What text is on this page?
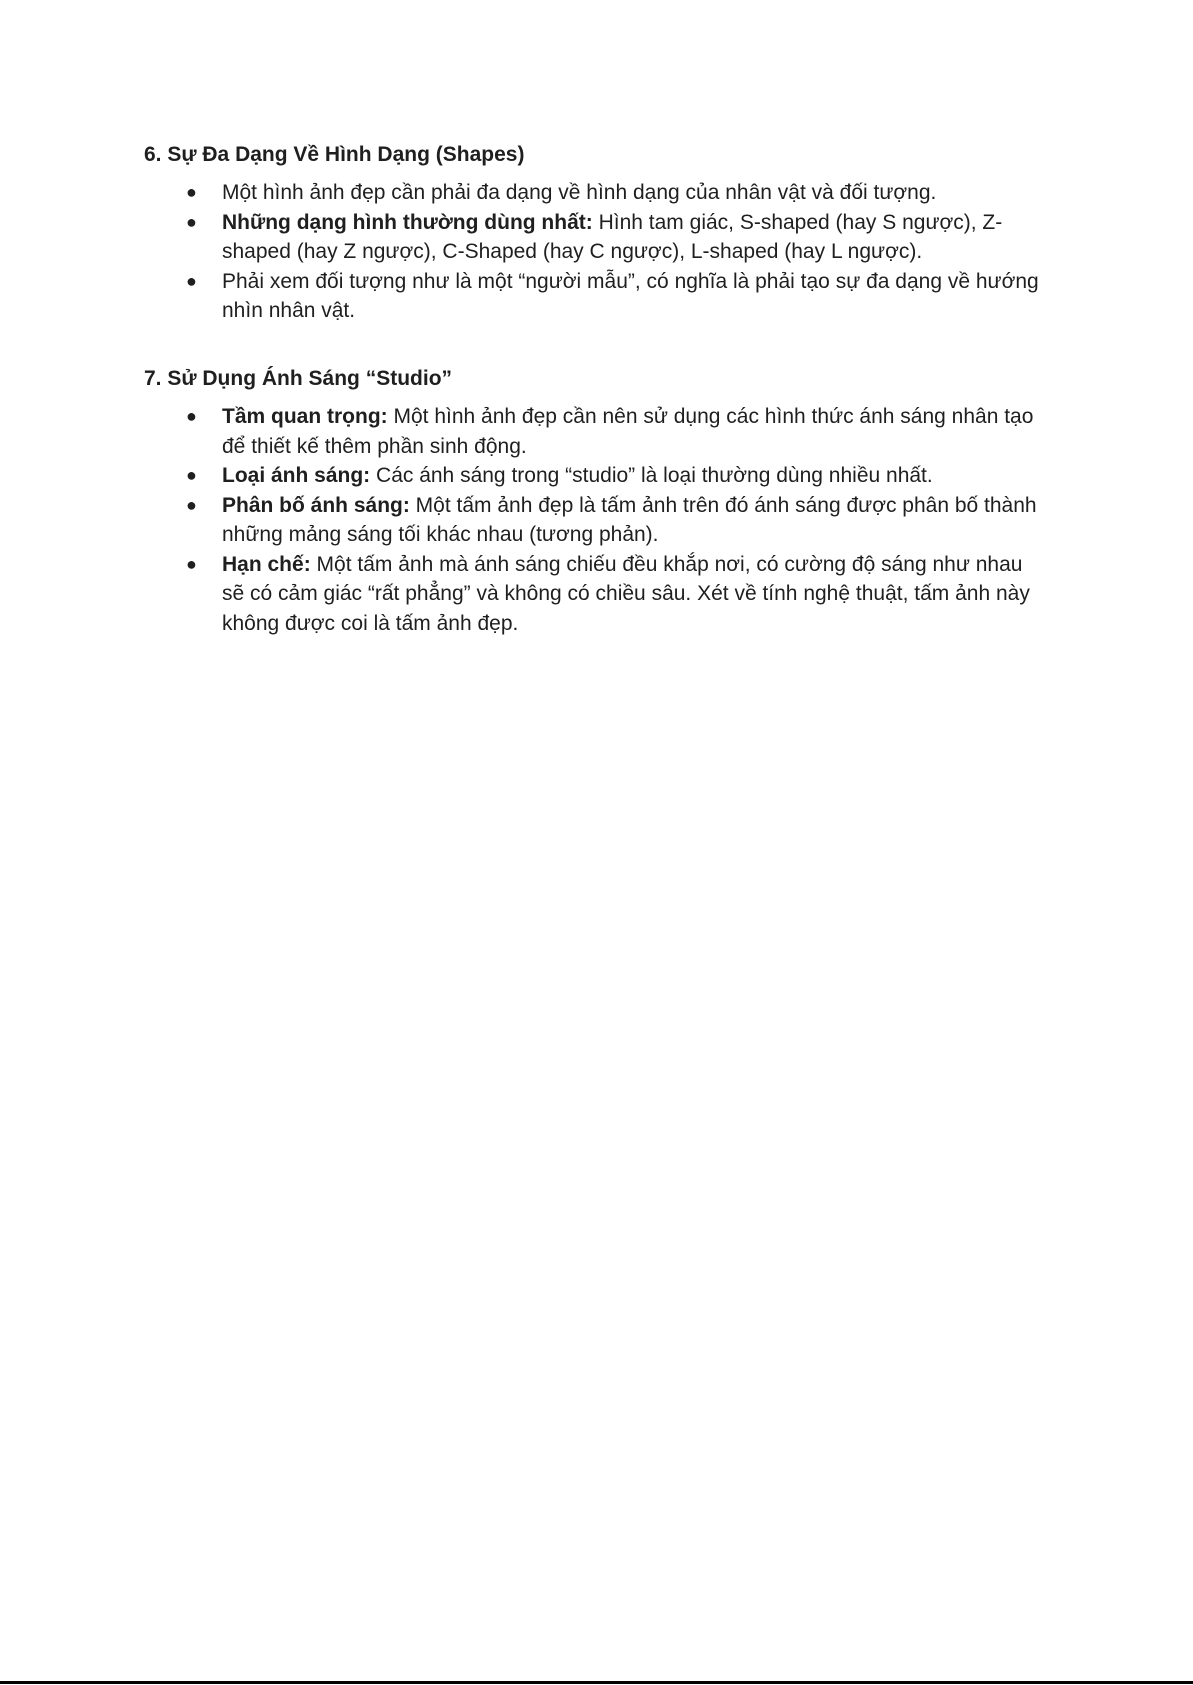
6. Sự Đa Dạng Về Hình Dạng (Shapes)
● Một hình ảnh đẹp cần phải đa dạng về hình dạng của nhân vật và đối tượng.
● Những dạng hình thường dùng nhất: Hình tam giác, S-shaped (hay S ngược), Z-shaped (hay Z ngược), C-Shaped (hay C ngược), L-shaped (hay L ngược).
● Phải xem đối tượng như là một “người mẫu”, có nghĩa là phải tạo sự đa dạng về hướng nhìn nhân vật.
7. Sử Dụng Ánh Sáng “Studio”
● Tầm quan trọng: Một hình ảnh đẹp cần nên sử dụng các hình thức ánh sáng nhân tạo để thiết kế thêm phần sinh động.
● Loại ánh sáng: Các ánh sáng trong “studio” là loại thường dùng nhiều nhất.
● Phân bố ánh sáng: Một tấm ảnh đẹp là tấm ảnh trên đó ánh sáng được phân bố thành những mảng sáng tối khác nhau (tương phản).
● Hạn chế: Một tấm ảnh mà ánh sáng chiếu đều khắp nơi, có cường độ sáng như nhau sẽ có cảm giác “rất phẳng” và không có chiều sâu. Xét về tính nghệ thuật, tấm ảnh này không được coi là tấm ảnh đẹp.
